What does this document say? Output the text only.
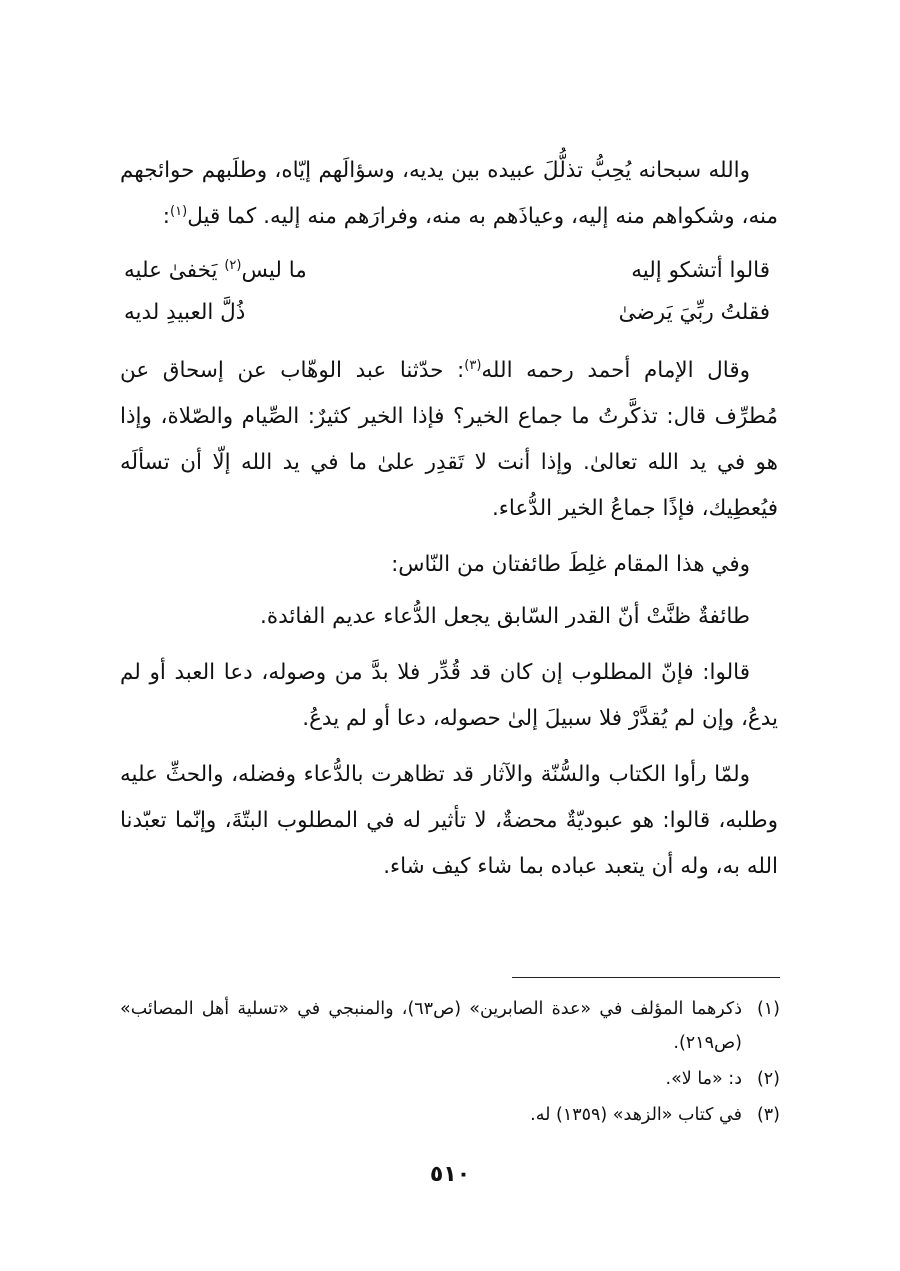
والله سبحانه يُحِبُّ تذلُّلَ عبيده بين يديه، وسؤالَهم إيّاه، وطلَبهم حوائجهم منه، وشكواهم منه إليه، وعياذَهم به منه، وفرارَهم منه إليه. كما قيل$^{(١)}$:

قالوا أتشكو إليه
ما ليس$^{(٢)}$ يَخفىٰ عليه
فقلتُ ربِّيَ يَرضىٰ
ذُلَّ العبيدِ لديه

وقال الإمام أحمد رحمه الله$^{(٣)}$: حدّثنا عبد الوهّاب عن إسحاق عن مُطرِّف قال: تذكَّرتُ ما جماع الخير؟ فإذا الخير كثيرٌ: الصِّيام والصّلاة، وإذا هو في يد الله تعالىٰ. وإذا أنت لا تَقدِر علىٰ ما في يد الله إلّا أن تسألَه فيُعطِيك، فإذًا جماعُ الخير الدُّعاء.

وفي هذا المقام غلِطَ طائفتان من النّاس:

طائفةٌ ظنَّتْ أنّ القدر السّابق يجعل الدُّعاء عديم الفائدة.

قالوا: فإنّ المطلوب إن كان قد قُدِّر فلا بدَّ من وصوله، دعا العبد أو لم يدعُ، وإن لم يُقدَّرْ فلا سبيلَ إلىٰ حصوله، دعا أو لم يدعُ.

ولمّا رأوا الكتاب والسُّنّة والآثار قد تظاهرت بالدُّعاء وفضله، والحثِّ عليه وطلبه، قالوا: هو عبوديّةٌ محضةٌ، لا تأثير له في المطلوب البتّةَ، وإنّما تعبّدنا الله به، وله أن يتعبد عباده بما شاء كيف شاء.

(١)
ذكرهما المؤلف في «عدة الصابرين» (ص٦٣)، والمنبجي في «تسلية أهل المصائب» (ص٢١٩).
(٢)
د: «ما لا».
(٣)
في كتاب «الزهد» (١٣٥٩) له.
٥١٠
